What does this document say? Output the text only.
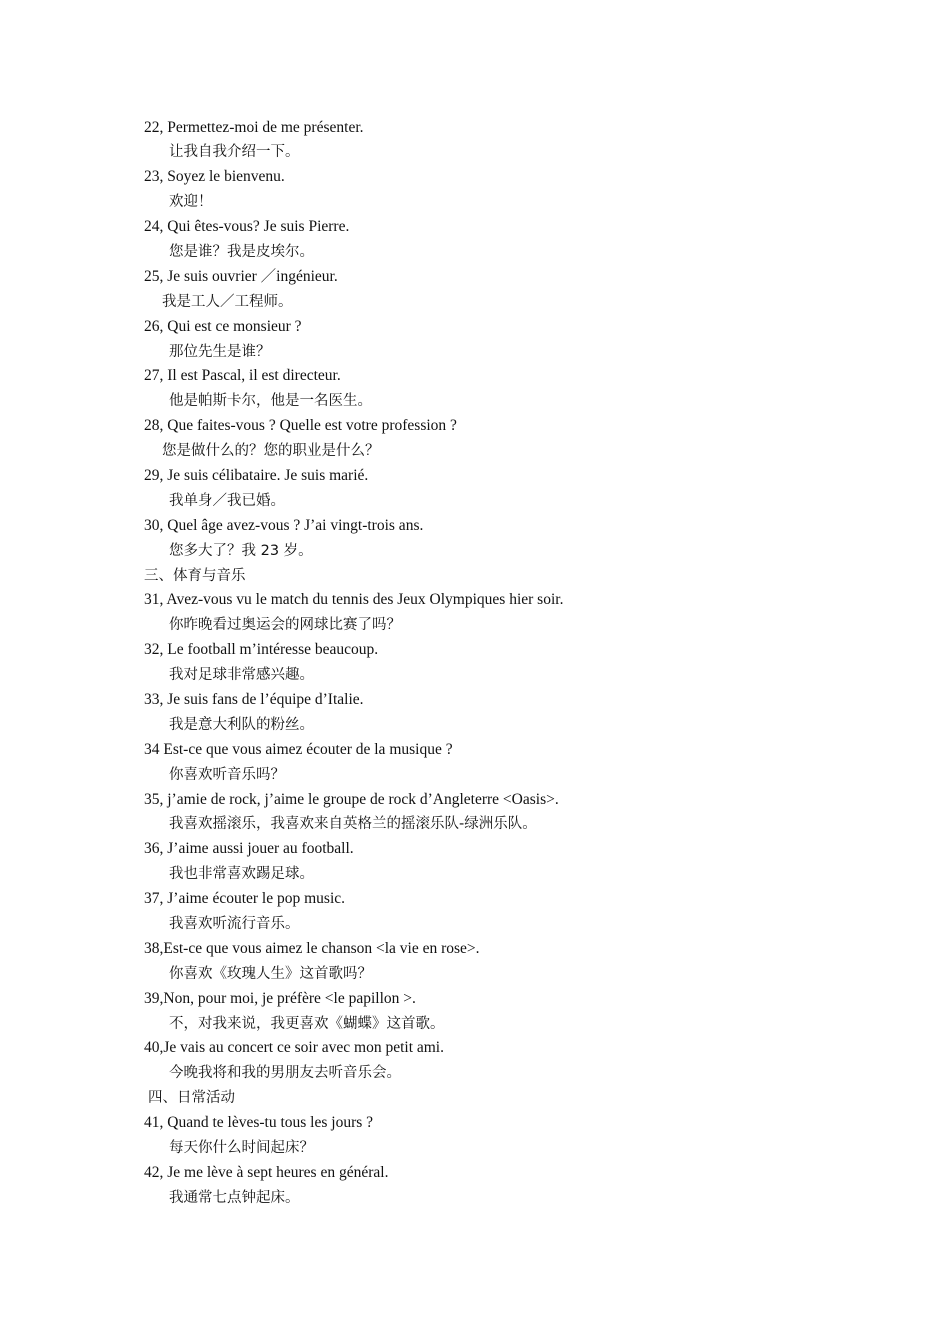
22, Permettez-moi de me présenter.
让我自我介绍一下。
23, Soyez le bienvenu.
欢迎！
24, Qui êtes-vous? Je suis Pierre.
您是谁？我是皮埃尔。
25, Je suis ouvrier ／ingénieur.
我是工人／工程师。
26, Qui est ce monsieur ?
那位先生是谁？
27, Il est Pascal, il est directeur.
他是帕斯卡尔，他是一名医生。
28, Que faites-vous ? Quelle est votre profession ?
您是做什么的？您的职业是什么？
29, Je suis célibataire. Je suis marié.
我单身／我已婚。
30, Quel âge avez-vous ? J’ai vingt-trois ans.
您多大了？我 23 岁。
三、体育与音乐
31, Avez-vous vu le match du tennis des Jeux Olympiques hier soir.
你昨晚看过奥运会的网球比赛了吗？
32, Le football m’intéresse beaucoup.
我对足球非常感兴趣。
33, Je suis fans de l’équipe d’Italie.
我是意大利队的粉丝。
34 Est-ce que vous aimez écouter de la musique ?
你喜欢听音乐吗？
35, j’amie de rock, j’aime le groupe de rock d’Angleterre <Oasis>.
我喜欢摇滚乐，我喜欢来自英格兰的摇滚乐队-绿洲乐队。
36, J’aime aussi jouer au football.
我也非常喜欢踢足球。
37, J’aime écouter le pop music.
我喜欢听流行音乐。
38,Est-ce que vous aimez le chanson <la vie en rose>.
你喜欢《玫瑰人生》这首歌吗？
39,Non, pour moi, je préfère <le papillon >.
不，对我来说，我更喜欢《蝴蝶》这首歌。
40,Je vais au concert ce soir avec mon petit ami.
今晚我将和我的男朋友去听音乐会。
四、日常活动
41, Quand te lèves-tu tous les jours ?
每天你什么时间起床？
42, Je me lève à sept heures en général.
我通常七点钟起床。
